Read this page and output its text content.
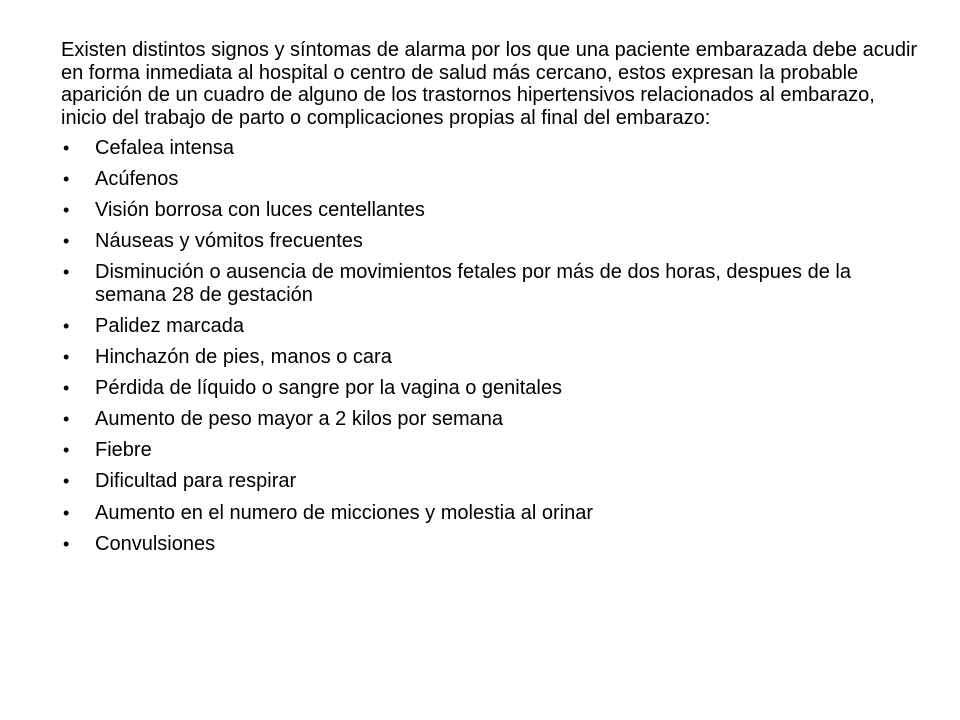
Existen distintos signos y síntomas de alarma por los que una paciente embarazada debe acudir en forma inmediata al hospital o centro de salud más cercano, estos expresan la probable aparición de un cuadro de alguno de los trastornos hipertensivos relacionados al embarazo, inicio del trabajo de parto o complicaciones propias al final del embarazo:

•	Cefalea intensa
•	Acúfenos
•	Visión borrosa con luces centellantes
•	Náuseas y vómitos frecuentes
•	Disminución o ausencia de movimientos fetales por más de dos horas, despues de la semana 28 de gestación
•	Palidez marcada
•	Hinchazón de pies, manos o cara
•	Pérdida de líquido o sangre por la vagina o genitales
•	Aumento de peso mayor a 2 kilos por semana
•	Fiebre
•	Dificultad para respirar
•	Aumento en el numero de micciones y molestia al orinar
•	Convulsiones
